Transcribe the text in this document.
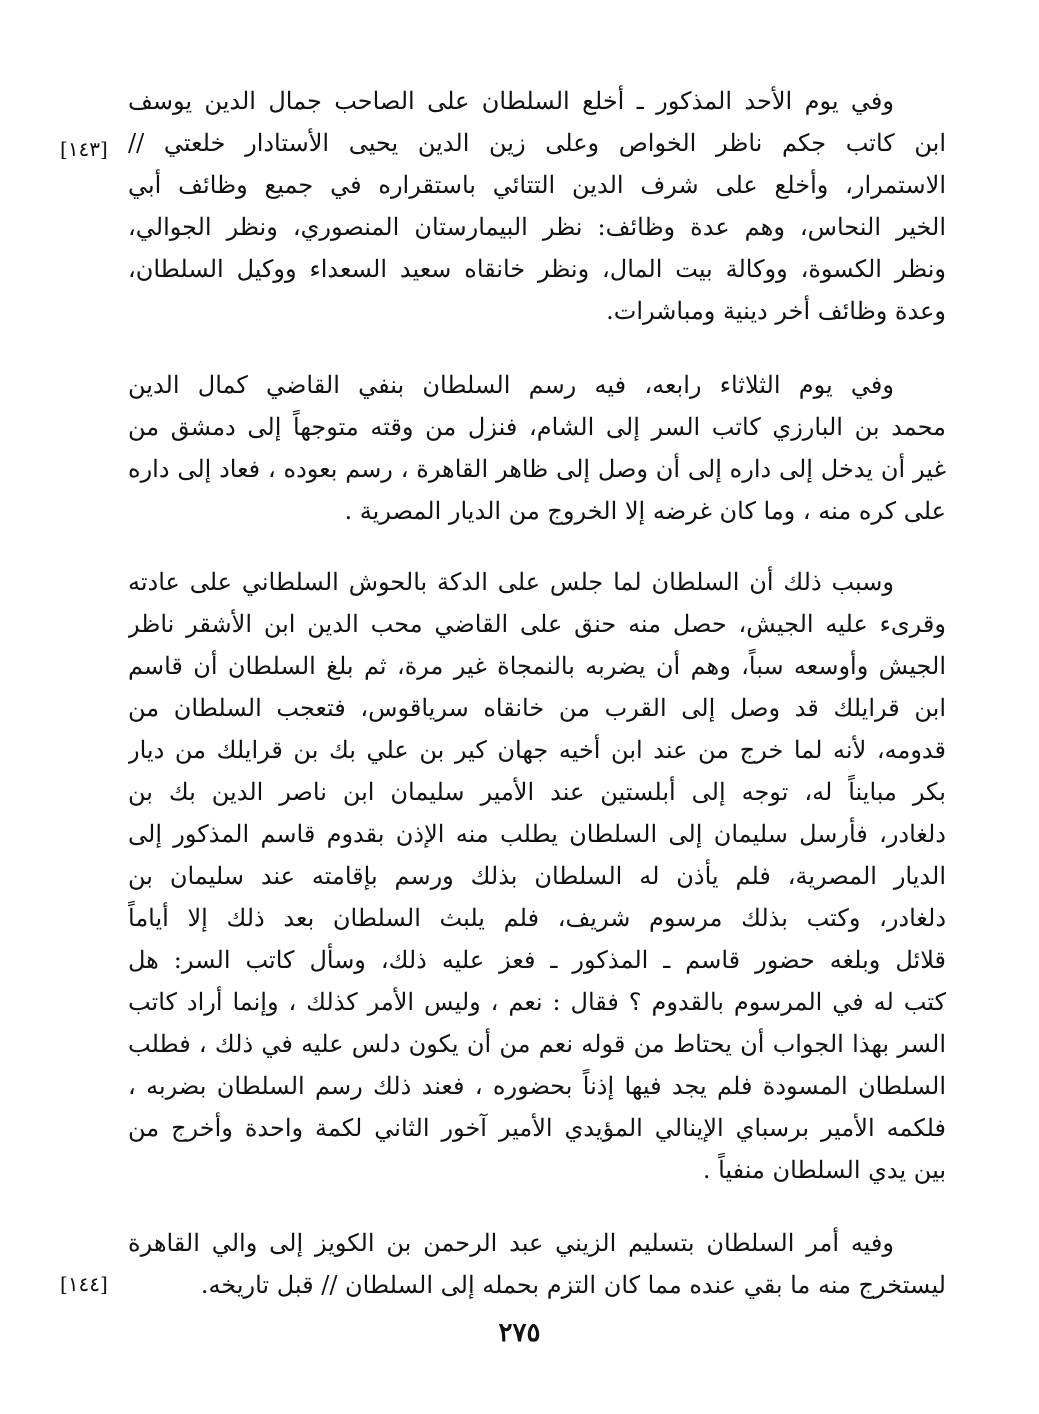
وفي يوم الأحد المذكور ـ أخلع السلطان على الصاحب جمال الدين يوسف
ابن كاتب جكم ناظر الخواص وعلى زين الدين يحيى الأستادار خلعتي //
الاستمرار، وأخلع على شرف الدين التتائي باستقراره في جميع وظائف أبي
الخير النحاس، وهم عدة وظائف: نظر البيمارستان المنصوري، ونظر الجوالي،
ونظر الكسوة، ووكالة بيت المال، ونظر خانقاه سعيد السعداء ووكيل السلطان،
وعدة وظائف أخر دينية ومباشرات.
وفي يوم الثلاثاء رابعه، فيه رسم السلطان بنفي القاضي كمال الدين
محمد بن البارزي كاتب السر إلى الشام، فنزل من وقته متوجهاً إلى دمشق من
غير أن يدخل إلى داره إلى أن وصل إلى ظاهر القاهرة ، رسم بعوده ، فعاد إلى داره
على كره منه ، وما كان غرضه إلا الخروج من الديار المصرية .
وسبب ذلك أن السلطان لما جلس على الدكة بالحوش السلطاني على عادته
وقرىء عليه الجيش، حصل منه حنق على القاضي محب الدين ابن الأشقر ناظر
الجيش وأوسعه سباً، وهم أن يضربه بالنمجاة غير مرة، ثم بلغ السلطان أن قاسم
ابن قرايلك قد وصل إلى القرب من خانقاه سرياقوس، فتعجب السلطان من
قدومه، لأنه لما خرج من عند ابن أخيه جهان كير بن علي بك بن قرايلك من ديار
بكر مبايناً له، توجه إلى أبلستين عند الأمير سليمان ابن ناصر الدين بك بن
دلغادر، فأرسل سليمان إلى السلطان يطلب منه الإذن بقدوم قاسم المذكور إلى
الديار المصرية، فلم يأذن له السلطان بذلك ورسم بإقامته عند سليمان بن
دلغادر، وكتب بذلك مرسوم شريف، فلم يلبث السلطان بعد ذلك إلا أياماً
قلائل وبلغه حضور قاسم ـ المذكور ـ فعز عليه ذلك، وسأل كاتب السر: هل
كتب له في المرسوم بالقدوم ؟ فقال : نعم ، وليس الأمر كذلك ، وإنما أراد كاتب
السر بهذا الجواب أن يحتاط من قوله نعم من أن يكون دلس عليه في ذلك ، فطلب
السلطان المسودة فلم يجد فيها إذناً بحضوره ، فعند ذلك رسم السلطان بضربه ،
فلكمه الأمير برسباي الإينالي المؤيدي الأمير آخور الثاني لكمة واحدة وأخرج من
بين يدي السلطان منفياً .
وفيه أمر السلطان بتسليم الزيني عبد الرحمن بن الكويز إلى والي القاهرة
ليستخرج منه ما بقي عنده مما كان التزم بحمله إلى السلطان // قبل تاريخه.
[١٤٣]
[١٤٤]
٢٧٥
